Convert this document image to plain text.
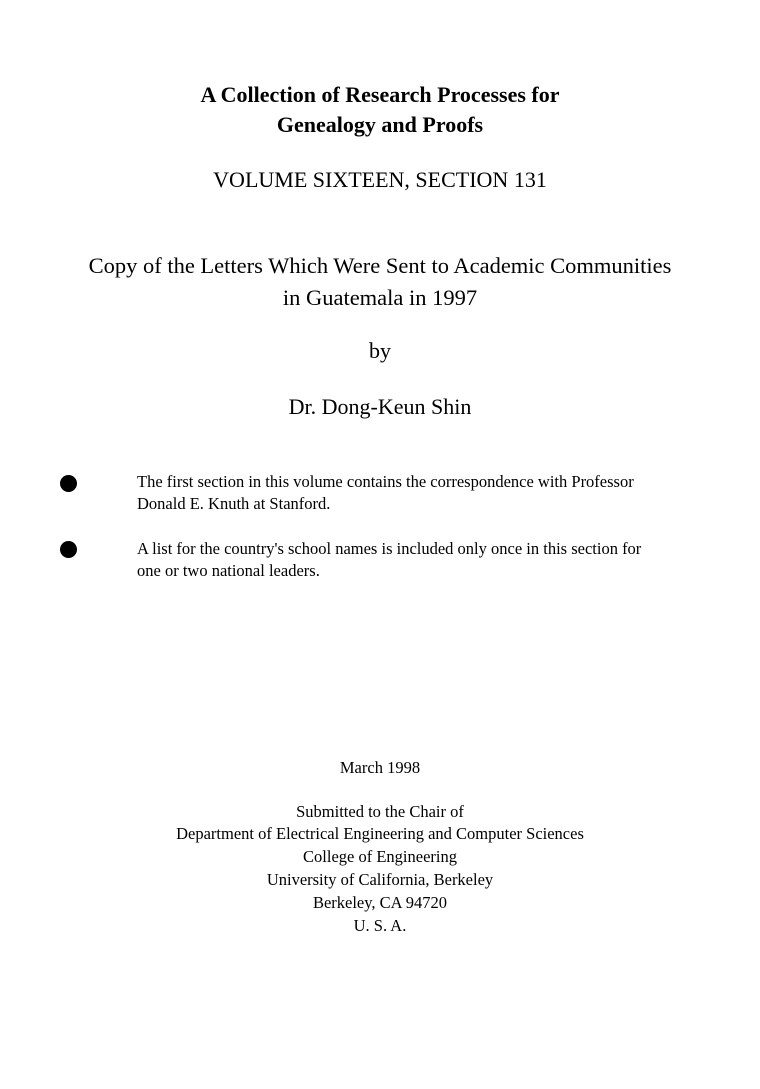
A Collection of Research Processes for
Genealogy and Proofs
VOLUME SIXTEEN, SECTION 131
Copy of the Letters Which Were Sent to Academic Communities
in Guatemala in 1997
by
Dr. Dong-Keun Shin
The first section in this volume contains the correspondence with Professor
Donald E. Knuth at Stanford.
A list for the country's school names is included only once in this section for
one or two national leaders.
March 1998
Submitted to the Chair of
Department of Electrical Engineering and Computer Sciences
College of Engineering
University of California, Berkeley
Berkeley, CA 94720
U. S. A.
